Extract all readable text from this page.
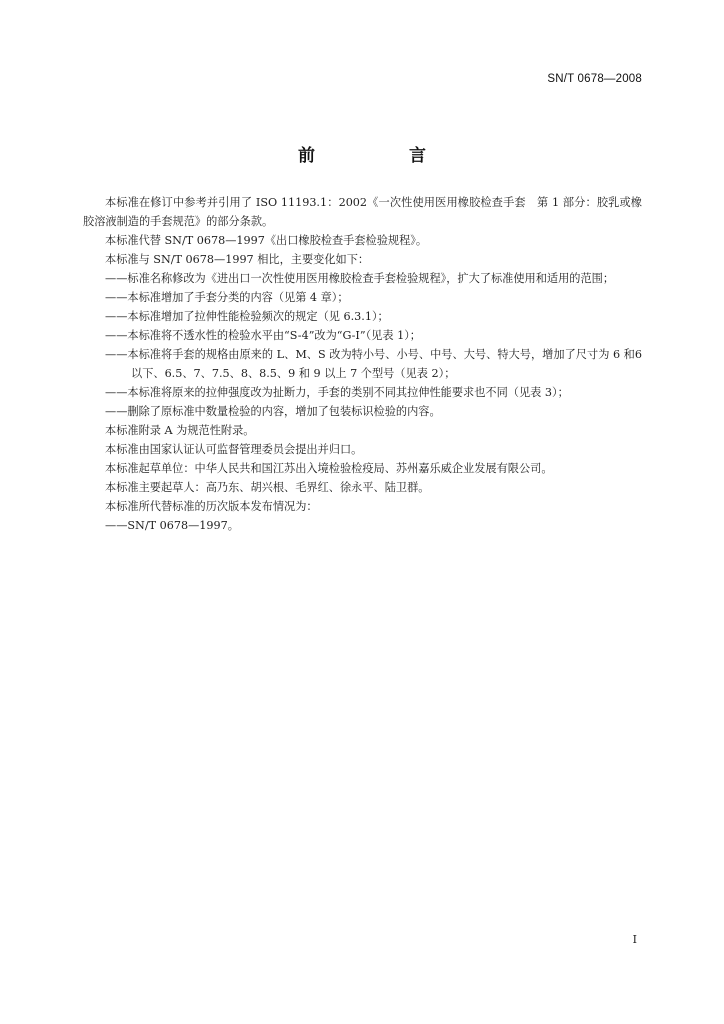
SN/T 0678—2008
前 言

本标准在修订中参考并引用了 ISO 11193.1：2002《一次性使用医用橡胶检查手套　第 1 部分：胶乳或橡胶溶液制造的手套规范》的部分条款。

本标准代替 SN/T 0678—1997《出口橡胶检查手套检验规程》。

本标准与 SN/T 0678—1997 相比，主要变化如下：

——标准名称修改为《进出口一次性使用医用橡胶检查手套检验规程》，扩大了标准使用和适用的范围；

——本标准增加了手套分类的内容（见第 4 章）；

——本标准增加了拉伸性能检验频次的规定（见 6.3.1）；

——本标准将不透水性的检验水平由“S-4”改为“G-I”（见表 1）；

——本标准将手套的规格由原来的 L、M、S 改为特小号、小号、中号、大号、特大号，增加了尺寸为 6 和6 以下、6.5、7、7.5、8、8.5、9 和 9 以上 7 个型号（见表 2）；

——本标准将原来的拉伸强度改为扯断力，手套的类别不同其拉伸性能要求也不同（见表 3）；

——删除了原标准中数量检验的内容，增加了包装标识检验的内容。

本标准附录 A 为规范性附录。

本标准由国家认证认可监督管理委员会提出并归口。

本标准起草单位：中华人民共和国江苏出入境检验检疫局、苏州嘉乐威企业发展有限公司。

本标准主要起草人：高乃东、胡兴根、毛界红、徐永平、陆卫群。

本标准所代替标准的历次版本发布情况为：

——SN/T 0678—1997。

I
